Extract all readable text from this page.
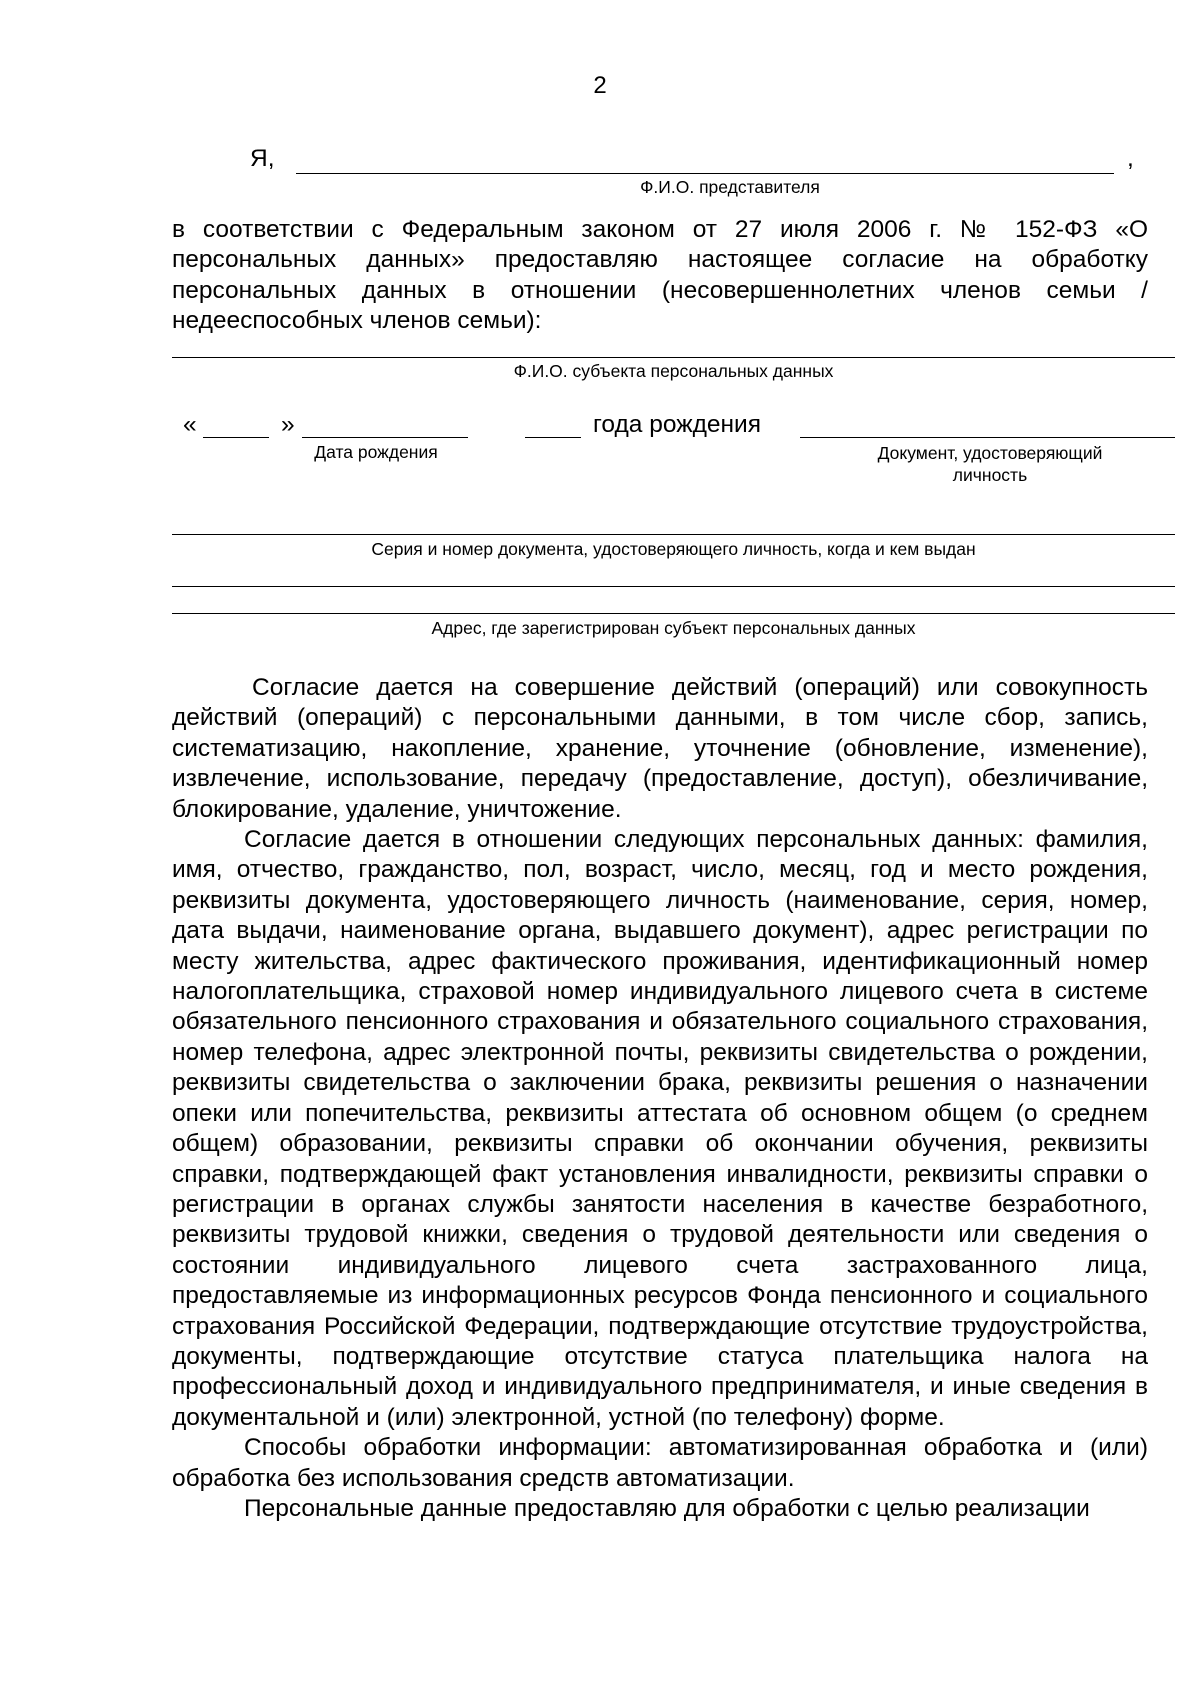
2
Я,	,
Ф.И.О. представителя
в соответствии с Федеральным законом от 27 июля 2006 г. № 152-ФЗ «О персональных данных» предоставляю настоящее согласие на обработку персональных данных в отношении (несовершеннолетних членов семьи / недееспособных членов семьи):
Ф.И.О. субъекта персональных данных
«	»	года рождения
Дата рождения	Документ, удостоверяющий личность
Серия и номер документа, удостоверяющего личность, когда и кем выдан
Адрес, где зарегистрирован субъект персональных данных

Согласие дается на совершение действий (операций) или совокупность действий (операций) с персональными данными, в том числе сбор, запись, систематизацию, накопление, хранение, уточнение (обновление, изменение), извлечение, использование, передачу (предоставление, доступ), обезличивание, блокирование, удаление, уничтожение.

Согласие дается в отношении следующих персональных данных: фамилия, имя, отчество, гражданство, пол, возраст, число, месяц, год и место рождения, реквизиты документа, удостоверяющего личность (наименование, серия, номер, дата выдачи, наименование органа, выдавшего документ), адрес регистрации по месту жительства, адрес фактического проживания, идентификационный номер налогоплательщика, страховой номер индивидуального лицевого счета в системе обязательного пенсионного страхования и обязательного социального страхования, номер телефона, адрес электронной почты, реквизиты свидетельства о рождении, реквизиты свидетельства о заключении брака, реквизиты решения о назначении опеки или попечительства, реквизиты аттестата об основном общем (о среднем общем) образовании, реквизиты справки об окончании обучения, реквизиты справки, подтверждающей факт установления инвалидности, реквизиты справки о регистрации в органах службы занятости населения в качестве безработного, реквизиты трудовой книжки, сведения о трудовой деятельности или сведения о состоянии индивидуального лицевого счета застрахованного лица, предоставляемые из информационных ресурсов Фонда пенсионного и социального страхования Российской Федерации, подтверждающие отсутствие трудоустройства, документы, подтверждающие отсутствие статуса плательщика налога на профессиональный доход и индивидуального предпринимателя, и иные сведения в документальной и (или) электронной, устной (по телефону) форме.

Способы обработки информации: автоматизированная обработка и (или) обработка без использования средств автоматизации.

Персональные данные предоставляю для обработки с целью реализации
